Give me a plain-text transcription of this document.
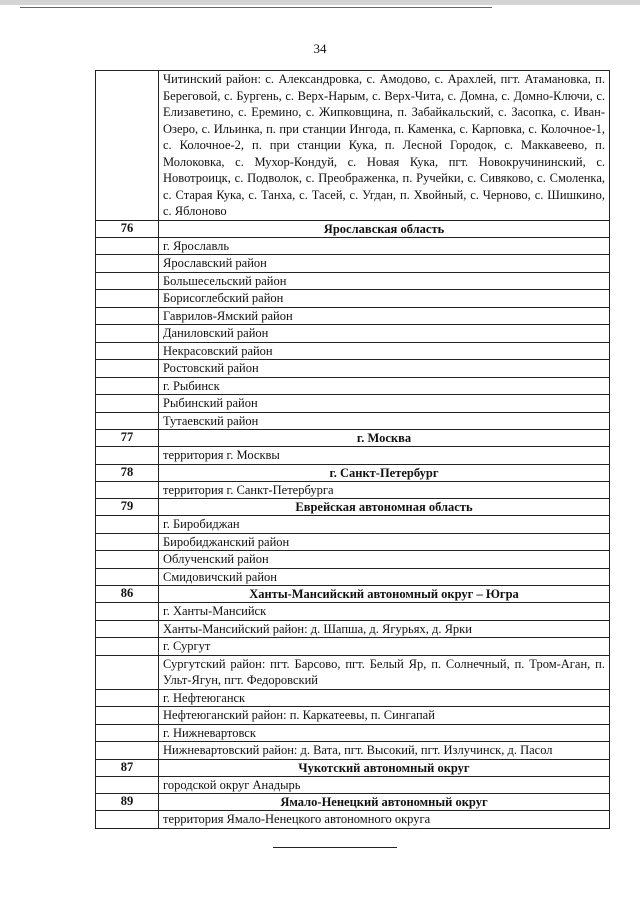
34
	Читинский район: с. Александровка, с. Амодово, с. Арахлей, пгт. Атамановка, п. Береговой, с. Бургень, с. Верх-Нарым, с. Верх-Чита, с. Домна, с. Домно-Ключи, с. Елизаветино, с. Еремино, с. Жипковщина, п. Забайкальский, с. Засопка, с. Иван-Озеро, с. Ильинка, п. при станции Ингода, п. Каменка, с. Карповка, с. Колочное-1, с. Колочное-2, п. при станции Кука, п. Лесной Городок, с. Маккавеево, п. Молоковка, с. Мухор-Кондуй, с. Новая Кука, пгт. Новокручининский, с. Новотроицк, с. Подволок, с. Преображенка, п. Ручейки, с. Сивяково, с. Смоленка, с. Старая Кука, с. Танха, с. Тасей, с. Угдан, п. Хвойный, с. Черново, с. Шишкино, с. Яблоново
76	Ярославская область
	г. Ярославль
	Ярославский район
	Большесельский район
	Борисоглебский район
	Гаврилов-Ямский район
	Даниловский район
	Некрасовский район
	Ростовский район
	г. Рыбинск
	Рыбинский район
	Тутаевский район
77	г. Москва
	территория г. Москвы
78	г. Санкт-Петербург
	территория г. Санкт-Петербурга
79	Еврейская автономная область
	г. Биробиджан
	Биробиджанский район
	Облученский район
	Смидовичский район
86	Ханты-Мансийский автономный округ – Югра
	г. Ханты-Мансийск
	Ханты-Мансийский район: д. Шапша, д. Ягурьях, д. Ярки
	г. Сургут
	Сургутский район: пгт. Барсово, пгт. Белый Яр, п. Солнечный, п. Тром-Аган, п. Ульт-Ягун, пгт. Федоровский
	г. Нефтеюганск
	Нефтеюганский район: п. Каркатеевы, п. Сингапай
	г. Нижневартовск
	Нижневартовский район: д. Вата, пгт. Высокий, пгт. Излучинск, д. Пасол
87	Чукотский автономный округ
	городской округ Анадырь
89	Ямало-Ненецкий автономный округ
	территория Ямало-Ненецкого автономного округа
